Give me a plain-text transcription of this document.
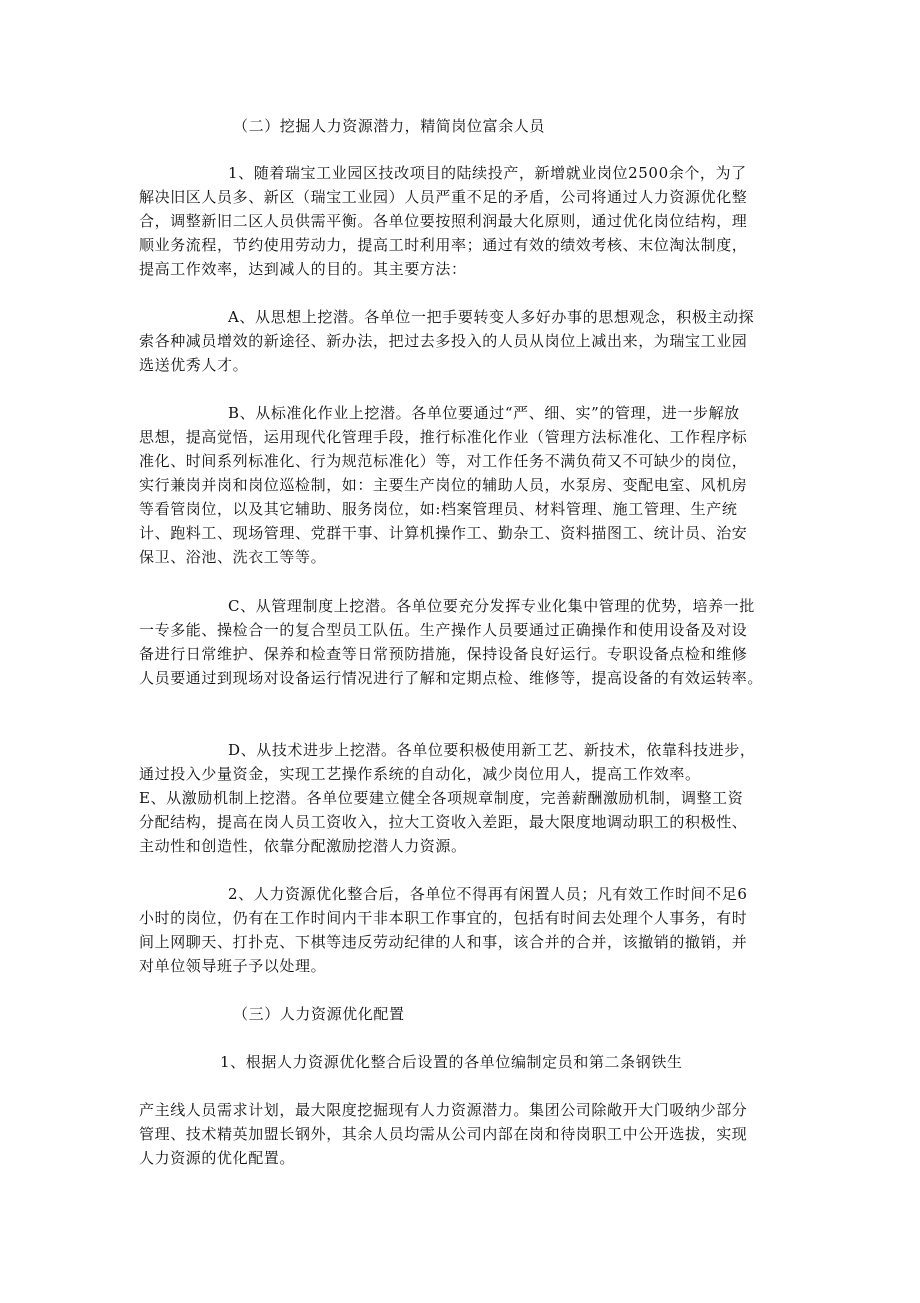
（二）挖掘人力资源潜力，精简岗位富余人员
1、随着瑞宝工业园区技改项目的陆续投产，新增就业岗位2500余个，为了
解决旧区人员多、新区（瑞宝工业园）人员严重不足的矛盾，公司将通过人力资源优化整
合，调整新旧二区人员供需平衡。各单位要按照利润最大化原则，通过优化岗位结构，理
顺业务流程，节约使用劳动力，提高工时利用率；通过有效的绩效考核、末位淘汰制度，
提高工作效率，达到减人的目的。其主要方法：
A、从思想上挖潜。各单位一把手要转变人多好办事的思想观念，积极主动探
索各种减员增效的新途径、新办法，把过去多投入的人员从岗位上减出来，为瑞宝工业园
选送优秀人才。
B、从标准化作业上挖潜。各单位要通过“严、细、实”的管理，进一步解放
思想，提高觉悟，运用现代化管理手段，推行标准化作业（管理方法标准化、工作程序标
准化、时间系列标准化、行为规范标准化）等，对工作任务不满负荷又不可缺少的岗位，
实行兼岗并岗和岗位巡检制，如：主要生产岗位的辅助人员，水泵房、变配电室、风机房
等看管岗位，以及其它辅助、服务岗位，如:档案管理员、材料管理、施工管理、生产统
计、跑料工、现场管理、党群干事、计算机操作工、勤杂工、资料描图工、统计员、治安
保卫、浴池、洗衣工等等。
C、从管理制度上挖潜。各单位要充分发挥专业化集中管理的优势，培养一批
一专多能、操检合一的复合型员工队伍。生产操作人员要通过正确操作和使用设备及对设
备进行日常维护、保养和检查等日常预防措施，保持设备良好运行。专职设备点检和维修
人员要通过到现场对设备运行情况进行了解和定期点检、维修等，提高设备的有效运转率。
D、从技术进步上挖潜。各单位要积极使用新工艺、新技术，依靠科技进步，
通过投入少量资金，实现工艺操作系统的自动化，减少岗位用人，提高工作效率。
E、从激励机制上挖潜。各单位要建立健全各项规章制度，完善薪酬激励机制，调整工资
分配结构，提高在岗人员工资收入，拉大工资收入差距，最大限度地调动职工的积极性、
主动性和创造性，依靠分配激励挖潜人力资源。
2、人力资源优化整合后，各单位不得再有闲置人员；凡有效工作时间不足6
小时的岗位，仍有在工作时间内干非本职工作事宜的，包括有时间去处理个人事务，有时
间上网聊天、打扑克、下棋等违反劳动纪律的人和事，该合并的合并，该撤销的撤销，并
对单位领导班子予以处理。
（三）人力资源优化配置
1、根据人力资源优化整合后设置的各单位编制定员和第二条钢铁生
产主线人员需求计划，最大限度挖掘现有人力资源潜力。集团公司除敞开大门吸纳少部分
管理、技术精英加盟长钢外，其余人员均需从公司内部在岗和待岗职工中公开选拔，实现
人力资源的优化配置。
